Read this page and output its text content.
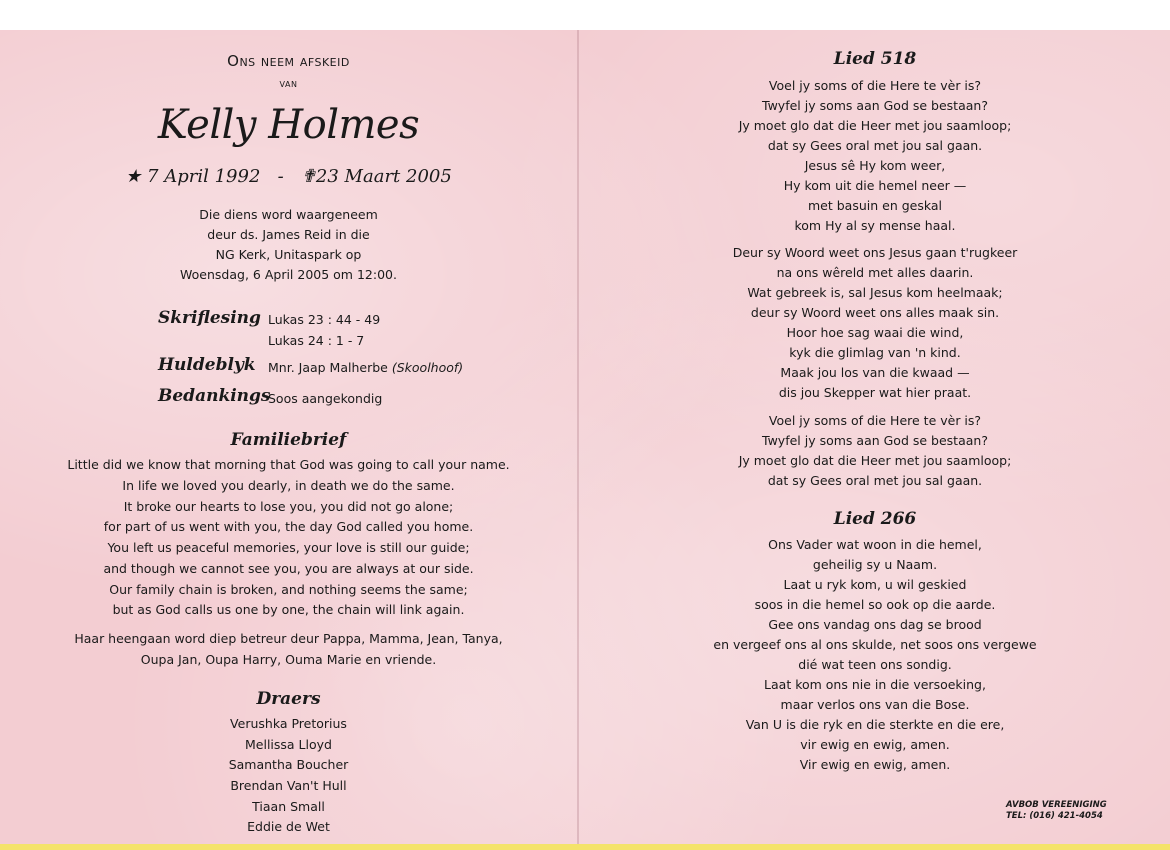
Ons neem afskeid
van
Kelly Holmes
★ 7 April 1992   -   ✟23 Maart 2005
Die diens word waargeneem
deur ds. James Reid in die
NG Kerk, Unitaspark op
Woensdag, 6 April 2005 om 12:00.
Skriflesing Lukas 23 : 44 - 49
Lukas 24 : 1 - 7
Huldeblyk Mnr. Jaap Malherbe (Skoolhoof)
Bedankings
Soos aangekondig
Familiebrief
Little did we know that morning that God was going to call your name.
In life we loved you dearly, in death we do the same.
It broke our hearts to lose you, you did not go alone;
for part of us went with you, the day God called you home.
You left us peaceful memories, your love is still our guide;
and though we cannot see you, you are always at our side.
Our family chain is broken, and nothing seems the same;
but as God calls us one by one, the chain will link again.
Haar heengaan word diep betreur deur Pappa, Mamma, Jean, Tanya,
Oupa Jan, Oupa Harry, Ouma Marie en vriende.
Draers
Verushka Pretorius
Mellissa Lloyd
Samantha Boucher
Brendan Van't Hull
Tiaan Small
Eddie de Wet
Lied 518
Voel jy soms of die Here te vèr is?
Twyfel jy soms aan God se bestaan?
Jy moet glo dat die Heer met jou saamloop;
dat sy Gees oral met jou sal gaan.
Jesus sê Hy kom weer,
Hy kom uit die hemel neer —
met basuin en geskal
kom Hy al sy mense haal.
Deur sy Woord weet ons Jesus gaan t'rugkeer
na ons wêreld met alles daarin.
Wat gebreek is, sal Jesus kom heelmaak;
deur sy Woord weet ons alles maak sin.
Hoor hoe sag waai die wind,
kyk die glimlag van 'n kind.
Maak jou los van die kwaad —
dis jou Skepper wat hier praat.
Voel jy soms of die Here te vèr is?
Twyfel jy soms aan God se bestaan?
Jy moet glo dat die Heer met jou saamloop;
dat sy Gees oral met jou sal gaan.
Lied 266
Ons Vader wat woon in die hemel,
geheilig sy u Naam.
Laat u ryk kom, u wil geskied
soos in die hemel so ook op die aarde.
Gee ons vandag ons dag se brood
en vergeef ons al ons skulde, net soos ons vergewe
dié wat teen ons sondig.
Laat kom ons nie in die versoeking,
maar verlos ons van die Bose.
Van U is die ryk en die sterkte en die ere,
vir ewig en ewig, amen.
Vir ewig en ewig, amen.
AVBOB VEREENIGING
TEL: (016) 421-4054
